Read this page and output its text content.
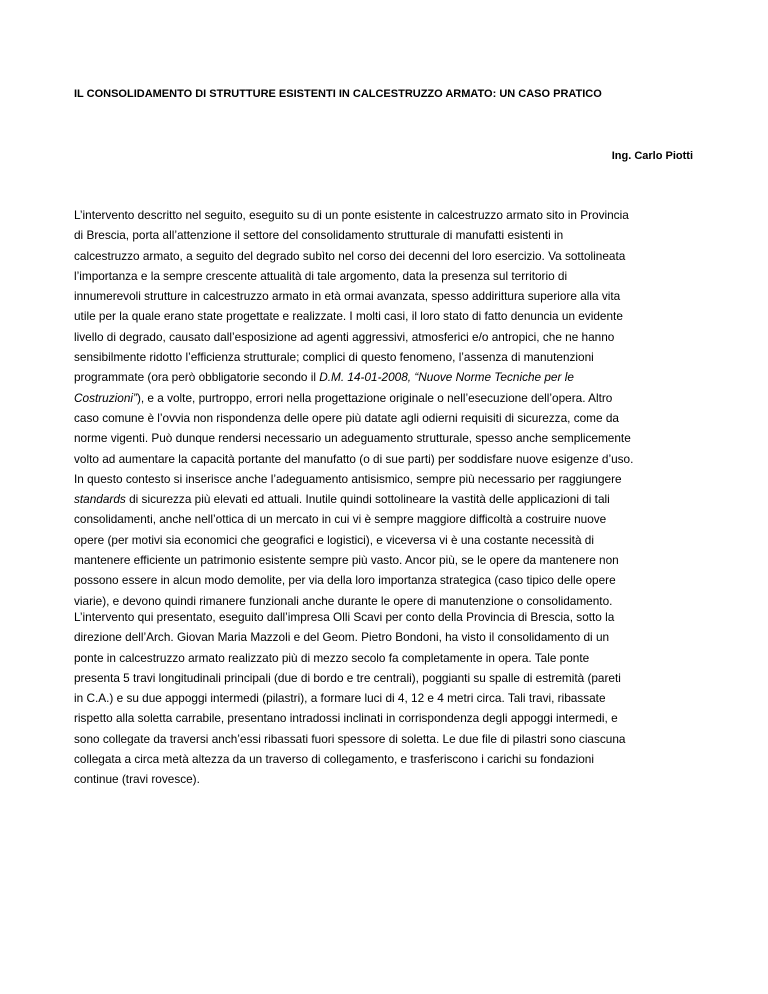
IL CONSOLIDAMENTO DI STRUTTURE ESISTENTI IN CALCESTRUZZO ARMATO: UN CASO PRATICO
Ing. Carlo Piotti
L’intervento descritto nel seguito, eseguito su di un ponte esistente in calcestruzzo armato sito in Provincia
di Brescia, porta all’attenzione il settore del consolidamento strutturale di manufatti esistenti in
calcestruzzo armato, a seguito del degrado subìto nel corso dei decenni del loro esercizio. Va sottolineata
l’importanza e la sempre crescente attualità di tale argomento, data la presenza sul territorio di
innumerevoli strutture in calcestruzzo armato in età ormai avanzata, spesso addirittura superiore alla vita
utile per la quale erano state progettate e realizzate. I molti casi, il loro stato di fatto denuncia un evidente
livello di degrado, causato dall’esposizione ad agenti aggressivi, atmosferici e/o antropici, che ne hanno
sensibilmente ridotto l’efficienza strutturale; complici di questo fenomeno, l’assenza di manutenzioni
programmate (ora però obbligatorie secondo il D.M. 14-01-2008, “Nuove Norme Tecniche per le
Costruzioni”), e a volte, purtroppo, errori nella progettazione originale o nell’esecuzione dell’opera. Altro
caso comune è l’ovvia non rispondenza delle opere più datate agli odierni requisiti di sicurezza, come da
norme vigenti. Può dunque rendersi necessario un adeguamento strutturale, spesso anche semplicemente
volto ad aumentare la capacità portante del manufatto (o di sue parti) per soddisfare nuove esigenze d’uso.
In questo contesto si inserisce anche l’adeguamento antisismico, sempre più necessario per raggiungere
standards di sicurezza più elevati ed attuali. Inutile quindi sottolineare la vastità delle applicazioni di tali
consolidamenti, anche nell’ottica di un mercato in cui vi è sempre maggiore difficoltà a costruire nuove
opere (per motivi sia economici che geografici e logistici), e viceversa vi è una costante necessità di
mantenere efficiente un patrimonio esistente sempre più vasto. Ancor più, se le opere da mantenere non
possono essere in alcun modo demolite, per via della loro importanza strategica (caso tipico delle opere
viarie), e devono quindi rimanere funzionali anche durante le opere di manutenzione o consolidamento.
L’intervento qui presentato, eseguito dall’impresa Olli Scavi per conto della Provincia di Brescia, sotto la
direzione dell’Arch. Giovan Maria Mazzoli e del Geom. Pietro Bondoni, ha visto il consolidamento di un
ponte in calcestruzzo armato realizzato più di mezzo secolo fa completamente in opera. Tale ponte
presenta 5 travi longitudinali principali (due di bordo e tre centrali), poggianti su spalle di estremità (pareti
in C.A.) e su due appoggi intermedi (pilastri), a formare luci di 4, 12 e 4 metri circa. Tali travi, ribassate
rispetto alla soletta carrabile, presentano intradossi inclinati in corrispondenza degli appoggi intermedi, e
sono collegate da traversi anch’essi ribassati fuori spessore di soletta. Le due file di pilastri sono ciascuna
collegata a circa metà altezza da un traverso di collegamento, e trasferiscono i carichi su fondazioni
continue (travi rovesce).
